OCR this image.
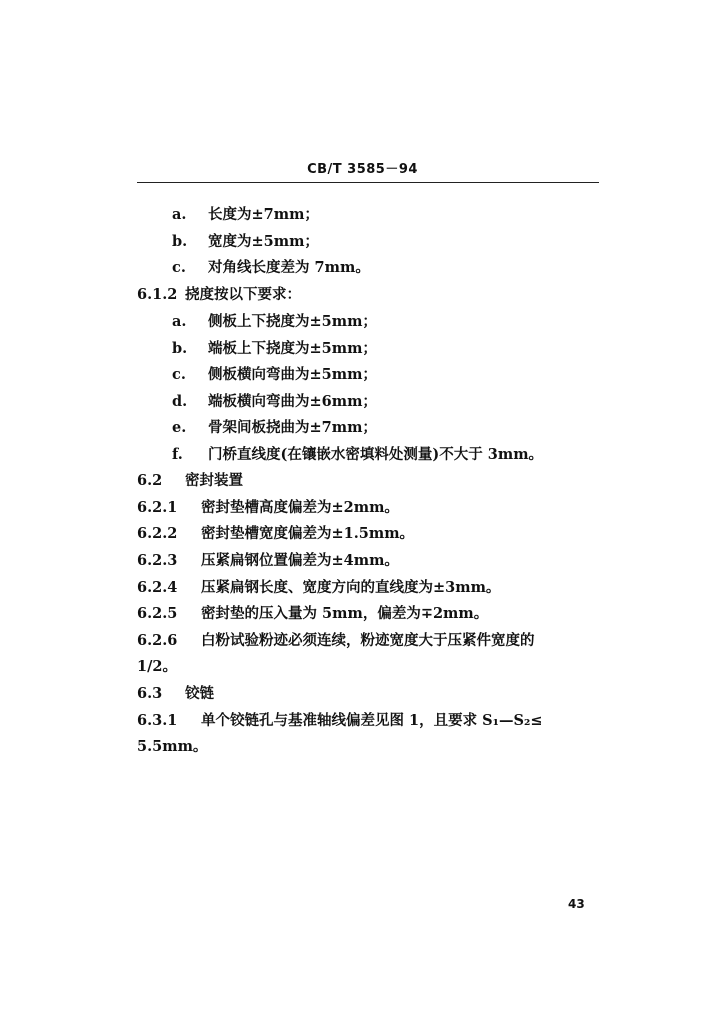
CB/T 3585－94
a. 长度为±7mm；
b. 宽度为±5mm；
c. 对角线长度差为 7mm。
6.1.2 挠度按以下要求：
a. 侧板上下挠度为±5mm；
b. 端板上下挠度为±5mm；
c. 侧板横向弯曲为±5mm；
d. 端板横向弯曲为±6mm；
e. 骨架间板挠曲为±7mm；
f. 门桥直线度(在镶嵌水密填料处测量)不大于 3mm。
6.2 密封装置
6.2.1 密封垫槽高度偏差为±2mm。
6.2.2 密封垫槽宽度偏差为±1.5mm。
6.2.3 压紧扁钢位置偏差为±4mm。
6.2.4 压紧扁钢长度、宽度方向的直线度为±3mm。
6.2.5 密封垫的压入量为 5mm，偏差为∓2mm。
6.2.6 白粉试验粉迹必须连续，粉迹宽度大于压紧件宽度的
1/2。
6.3 铰链
6.3.1 单个铰链孔与基准轴线偏差见图 1，且要求 S₁—S₂≤
5.5mm。
43
